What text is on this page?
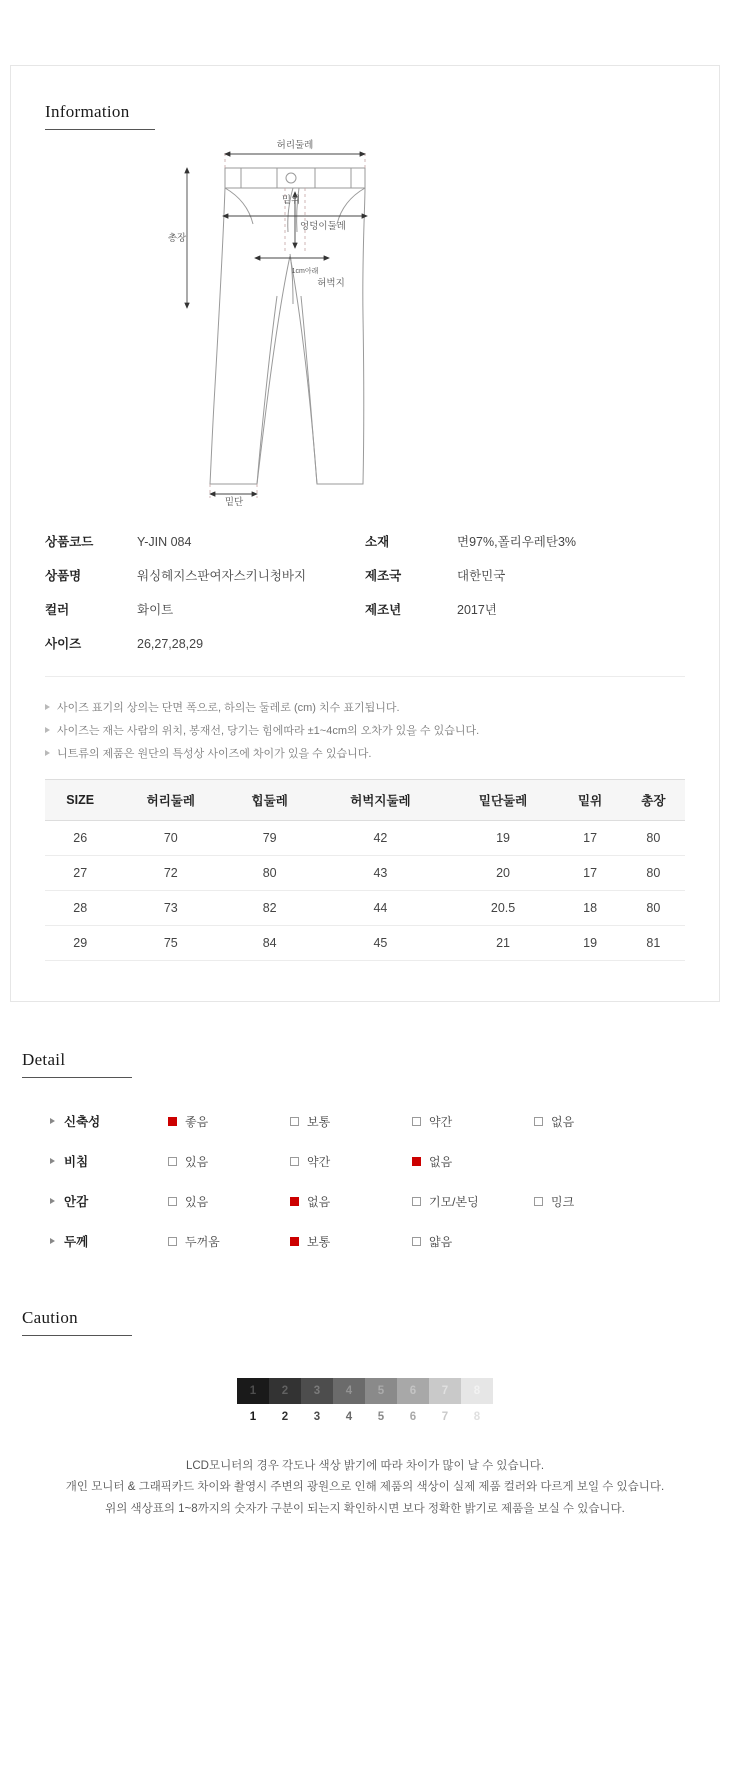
Information
허리둘레
총장
밑위
엉덩이둘레
1cm아래
허벅지
밑단
상품코드	Y-JIN 084
상품명	워싱헤지스판여자스키니청바지
컬러	화이트
사이즈	26,27,28,29
소재	면97%,폴리우레탄3%
제조국	대한민국
제조년	2017년
사이즈 표기의 상의는 단면 폭으로, 하의는 둘레로 (cm) 치수 표기됩니다.
사이즈는 재는 사람의 위치, 봉재선, 당기는 힘에따라 ±1~4cm의 오차가 있을 수 있습니다.
니트류의 제품은 원단의 특성상 사이즈에 차이가 있을 수 있습니다.
SIZE	허리둘레	힙둘레	허벅지둘레	밑단둘레	밑위	총장
26	70	79	42	19	17	80
27	72	80	43	20	17	80
28	73	82	44	20.5	18	80
29	75	84	45	21	19	81
Detail
신축성	좋음	보통	약간	없음
비침	있음	약간	없음
안감	있음	없음	기모/본딩	밍크
두께	두꺼움	보통	얇음
Caution
1 2 3 4 5 6 7 8
1 2 3 4 5 6 7 8
LCD모니터의 경우 각도나 색상 밝기에 따라 차이가 많이 날 수 있습니다.
개인 모니터 & 그래픽카드 차이와 촬영시 주변의 광원으로 인해 제품의 색상이 실제 제품 컬러와 다르게 보일 수 있습니다.
위의 색상표의 1~8까지의 숫자가 구분이 되는지 확인하시면 보다 정확한 밝기로 제품을 보실 수 있습니다.
